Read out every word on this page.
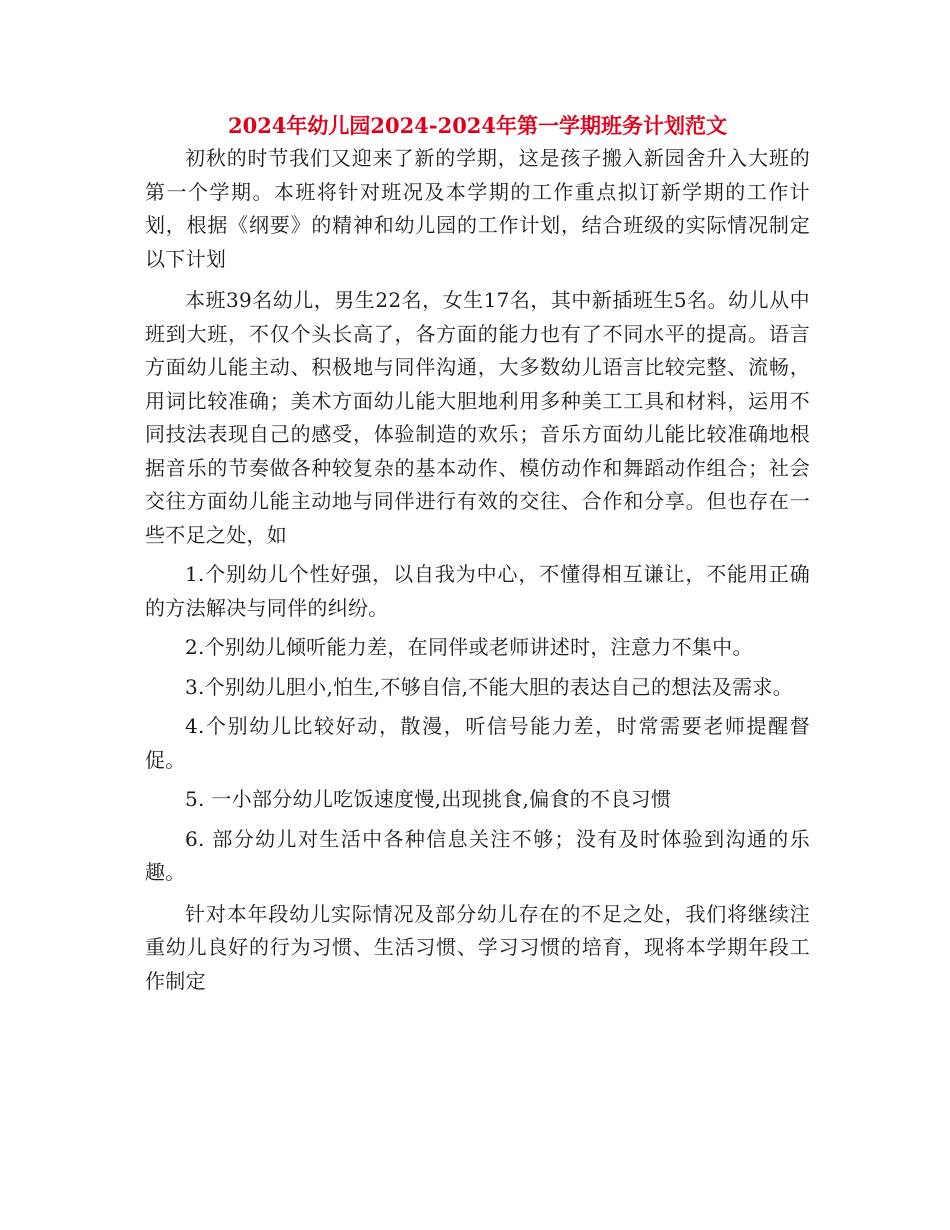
2024年幼儿园2024-2024年第一学期班务计划范文

初秋的时节我们又迎来了新的学期，这是孩子搬入新园舍升入大班的第一个学期。本班将针对班况及本学期的工作重点拟订新学期的工作计划，根据《纲要》的精神和幼儿园的工作计划，结合班级的实际情况制定以下计划

本班39名幼儿，男生22名，女生17名，其中新插班生5名。幼儿从中班到大班，不仅个头长高了，各方面的能力也有了不同水平的提高。语言方面幼儿能主动、积极地与同伴沟通，大多数幼儿语言比较完整、流畅，用词比较准确；美术方面幼儿能大胆地利用多种美工工具和材料，运用不同技法表现自己的感受，体验制造的欢乐；音乐方面幼儿能比较准确地根据音乐的节奏做各种较复杂的基本动作、模仿动作和舞蹈动作组合；社会交往方面幼儿能主动地与同伴进行有效的交往、合作和分享。但也存在一些不足之处，如

1.个别幼儿个性好强，以自我为中心，不懂得相互谦让，不能用正确的方法解决与同伴的纠纷。

2.个别幼儿倾听能力差，在同伴或老师讲述时，注意力不集中。

3.个别幼儿胆小,怕生,不够自信,不能大胆的表达自己的想法及需求。

4.个别幼儿比较好动，散漫，听信号能力差，时常需要老师提醒督促。

5. 一小部分幼儿吃饭速度慢,出现挑食,偏食的不良习惯

6. 部分幼儿对生活中各种信息关注不够；没有及时体验到沟通的乐趣。

针对本年段幼儿实际情况及部分幼儿存在的不足之处，我们将继续注重幼儿良好的行为习惯、生活习惯、学习习惯的培育，现将本学期年段工作制定
